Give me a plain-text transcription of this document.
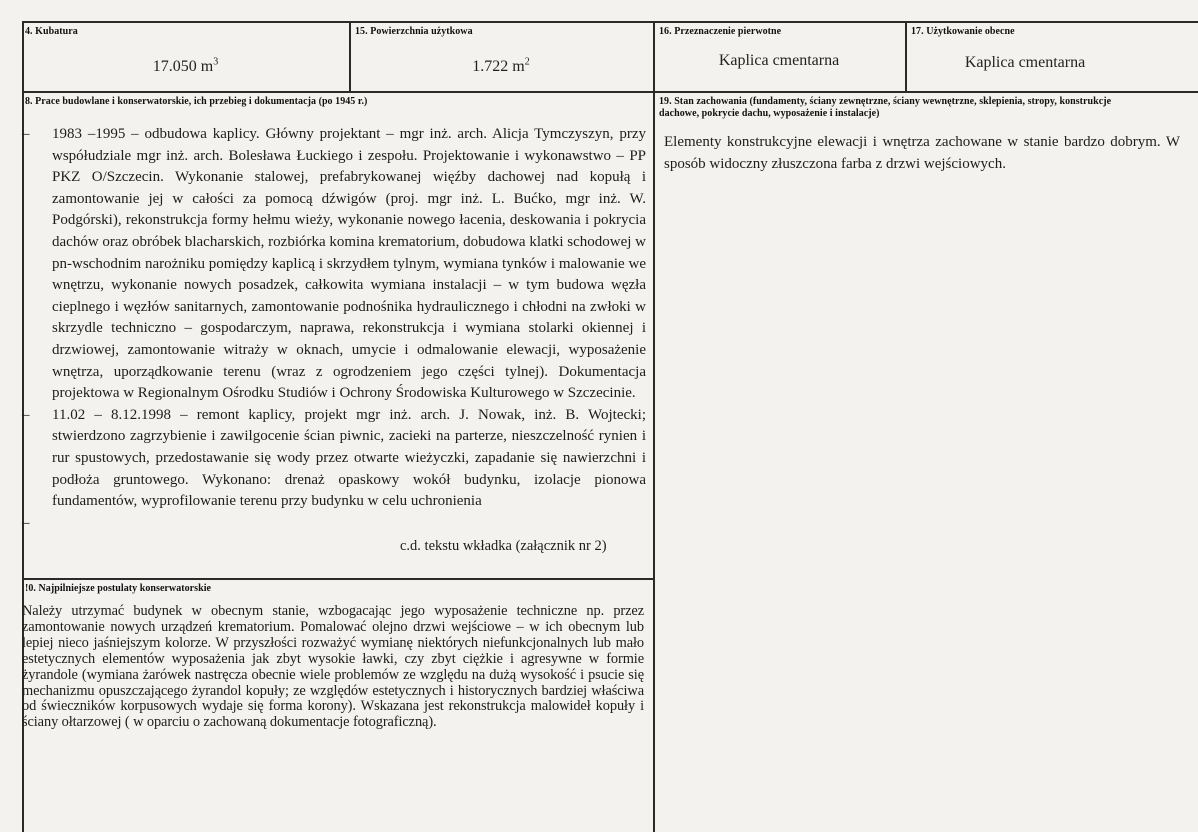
4. Kubatura
17.050 $m^3$
15. Powierzchnia użytkowa
1.722 $m^2$
16. Przeznaczenie pierwotne
Kaplica cmentarna
17. Użytkowanie obecne
Kaplica cmentarna
8. Prace budowlane i konserwatorskie, ich przebieg i dokumentacja (po 1945 r.)
– 1983 –1995 – odbudowa kaplicy. Główny projektant – mgr inż. arch. Alicja Tymczyszyn, przy współudziale mgr inż. arch. Bolesława Łuckiego i zespołu. Projektowanie i wykonawstwo – PP PKZ O/Szczecin. Wykonanie stalowej, prefabrykowanej więźby dachowej nad kopułą i zamontowanie jej w całości za pomocą dźwigów (proj. mgr inż. L. Bućko, mgr inż. W. Podgórski), rekonstrukcja formy hełmu wieży, wykonanie nowego łacenia, deskowania i pokrycia dachów oraz obróbek blacharskich, rozbiórka komina krematorium, dobudowa klatki schodowej w pn-wschodnim narożniku pomiędzy kaplicą i skrzydłem tylnym, wymiana tynków i malowanie we wnętrzu, wykonanie nowych posadzek, całkowita wymiana instalacji – w tym budowa węzła cieplnego i węzłów sanitarnych, zamontowanie podnośnika hydraulicznego i chłodni na zwłoki w skrzydle techniczno – gospodarczym, naprawa, rekonstrukcja i wymiana stolarki okiennej i drzwiowej, zamontowanie witraży w oknach, umycie i odmalowanie elewacji, wyposażenie wnętrza, uporządkowanie terenu (wraz z ogrodzeniem jego części tylnej). Dokumentacja projektowa w Regionalnym Ośrodku Studiów i Ochrony Środowiska Kulturowego w Szczecinie.
– 11.02 – 8.12.1998 – remont kaplicy, projekt mgr inż. arch. J. Nowak, inż. B. Wojtecki; stwierdzono zagrzybienie i zawilgocenie ścian piwnic, zacieki na parterze, nieszczelność rynien i rur spustowych, przedostawanie się wody przez otwarte wieżyczki, zapadanie się nawierzchni i podłoża gruntowego. Wykonano: drenaż opaskowy wokół budynku, izolacje pionowa fundamentów, wyprofilowanie terenu przy budynku w celu uchronienia
–
c.d. tekstu wkładka (załącznik nr 2)
19. Stan zachowania (fundamenty, ściany zewnętrzne, ściany wewnętrzne, sklepienia, stropy, konstrukcje
dachowe, pokrycie dachu, wyposażenie i instalacje)
Elementy konstrukcyjne elewacji i wnętrza zachowane w stanie bardzo dobrym. W sposób widoczny złuszczona farba z drzwi wejściowych.
!0. Najpilniejsze postulaty konserwatorskie
Należy utrzymać budynek w obecnym stanie, wzbogacając jego wyposażenie techniczne np. przez zamontowanie nowych urządzeń krematorium. Pomalować olejno drzwi wejściowe – w ich obecnym lub lepiej nieco jaśniejszym kolorze. W przyszłości rozważyć wymianę niektórych niefunkcjonalnych lub mało estetycznych elementów wyposażenia jak zbyt wysokie ławki, czy zbyt ciężkie i agresywne w formie żyrandole (wymiana żarówek nastręcza obecnie wiele problemów ze względu na dużą wysokość i psucie się mechanizmu opuszczającego żyrandol kopuły; ze względów estetycznych i historycznych bardziej właściwa od świeczników korpusowych wydaje się forma korony). Wskazana jest rekonstrukcja malowideł kopuły i ściany ołtarzowej ( w oparciu o zachowaną dokumentacje fotograficzną).
